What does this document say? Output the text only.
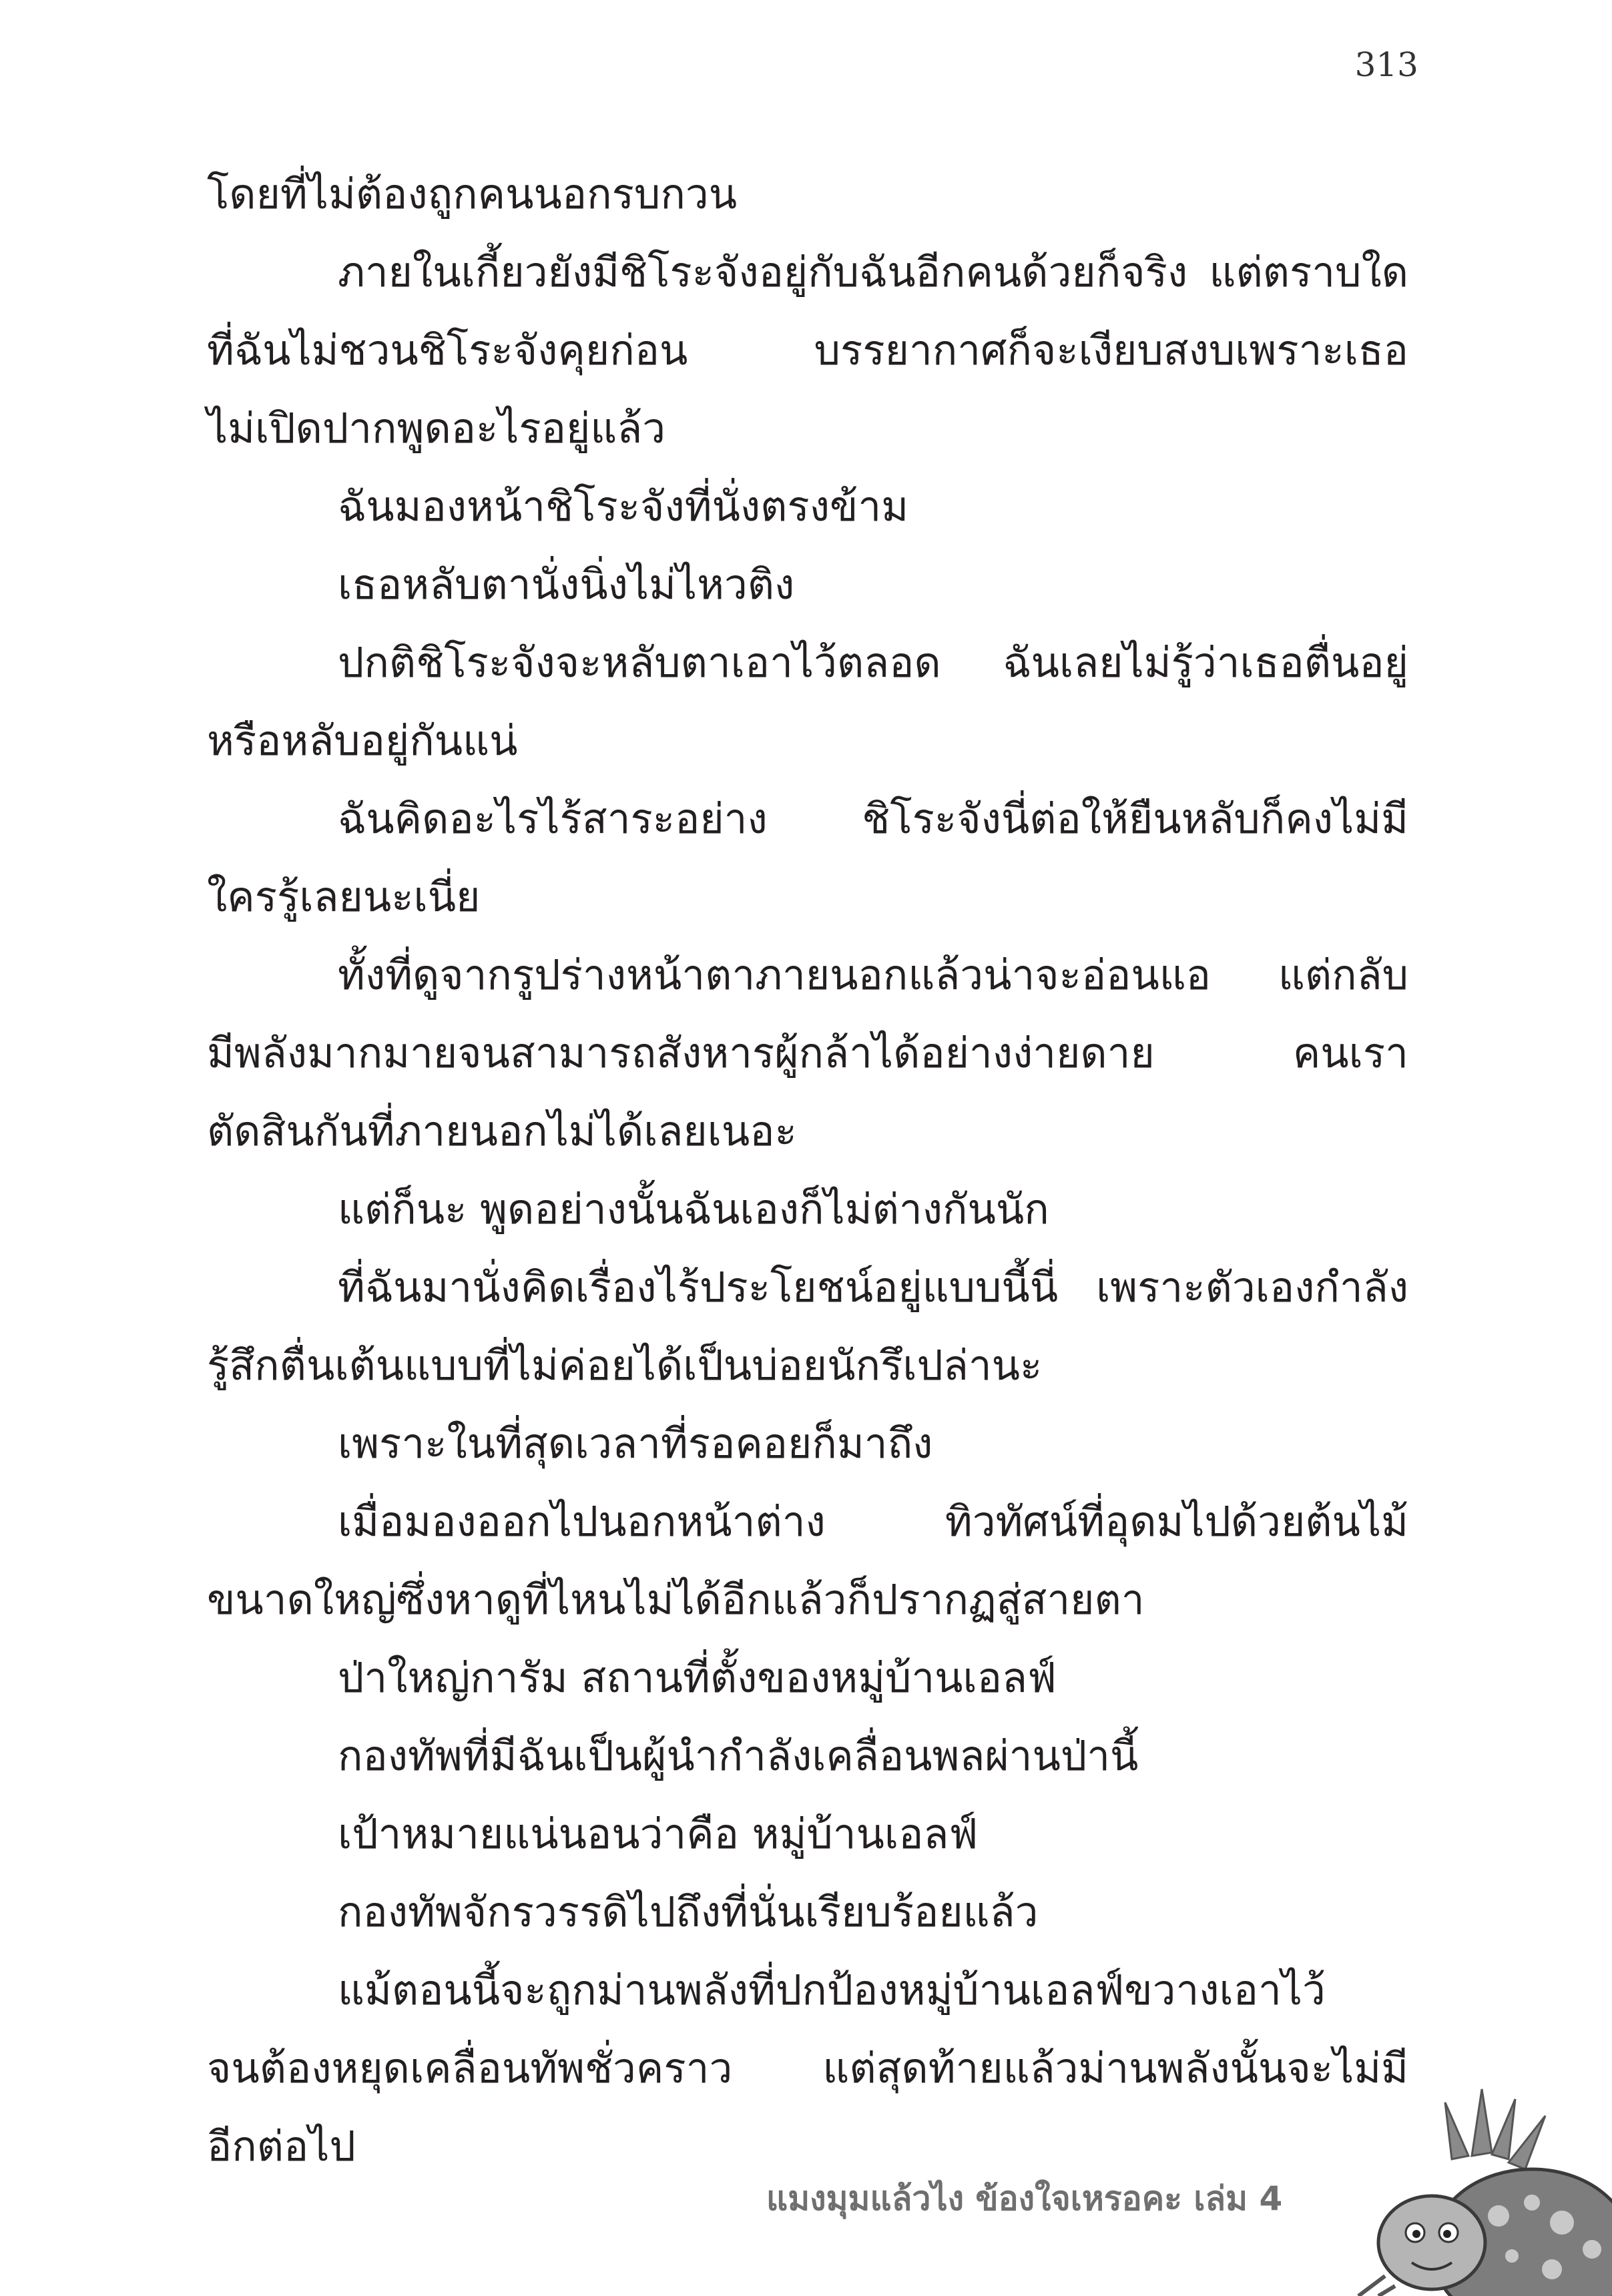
313
โดยที่ไม่ต้องถูกคนนอกรบกวน
ภายในเกี้ยวยังมีชิโระจังอยู่กับฉันอีกคนด้วยก็จริง แต่ตราบใด
ที่ฉันไม่ชวนชิโระจังคุยก่อน บรรยากาศก็จะเงียบสงบเพราะเธอ
ไม่เปิดปากพูดอะไรอยู่แล้ว
ฉันมองหน้าชิโระจังที่นั่งตรงข้าม
เธอหลับตานั่งนิ่งไม่ไหวติง
ปกติชิโระจังจะหลับตาเอาไว้ตลอด ฉันเลยไม่รู้ว่าเธอตื่นอยู่
หรือหลับอยู่กันแน่
ฉันคิดอะไรไร้สาระอย่าง ชิโระจังนี่ต่อให้ยืนหลับก็คงไม่มี
ใครรู้เลยนะเนี่ย
ทั้งที่ดูจากรูปร่างหน้าตาภายนอกแล้วน่าจะอ่อนแอ แต่กลับ
มีพลังมากมายจนสามารถสังหารผู้กล้าได้อย่างง่ายดาย คนเรา
ตัดสินกันที่ภายนอกไม่ได้เลยเนอะ
แต่ก็นะ พูดอย่างนั้นฉันเองก็ไม่ต่างกันนัก
ที่ฉันมานั่งคิดเรื่องไร้ประโยชน์อยู่แบบนี้นี่ เพราะตัวเองกำลัง
รู้สึกตื่นเต้นแบบที่ไม่ค่อยได้เป็นบ่อยนักรึเปล่านะ
เพราะในที่สุดเวลาที่รอคอยก็มาถึง
เมื่อมองออกไปนอกหน้าต่าง ทิวทัศน์ที่อุดมไปด้วยต้นไม้
ขนาดใหญ่ซึ่งหาดูที่ไหนไม่ได้อีกแล้วก็ปรากฏสู่สายตา
ป่าใหญ่การัม สถานที่ตั้งของหมู่บ้านเอลฟ์
กองทัพที่มีฉันเป็นผู้นำกำลังเคลื่อนพลผ่านป่านี้
เป้าหมายแน่นอนว่าคือ หมู่บ้านเอลฟ์
กองทัพจักรวรรดิไปถึงที่นั่นเรียบร้อยแล้ว
แม้ตอนนี้จะถูกม่านพลังที่ปกป้องหมู่บ้านเอลฟ์ขวางเอาไว้
จนต้องหยุดเคลื่อนทัพชั่วคราว แต่สุดท้ายแล้วม่านพลังนั้นจะไม่มี
อีกต่อไป
แมงมุมแล้วไง ข้องใจเหรอคะ เล่ม 4
